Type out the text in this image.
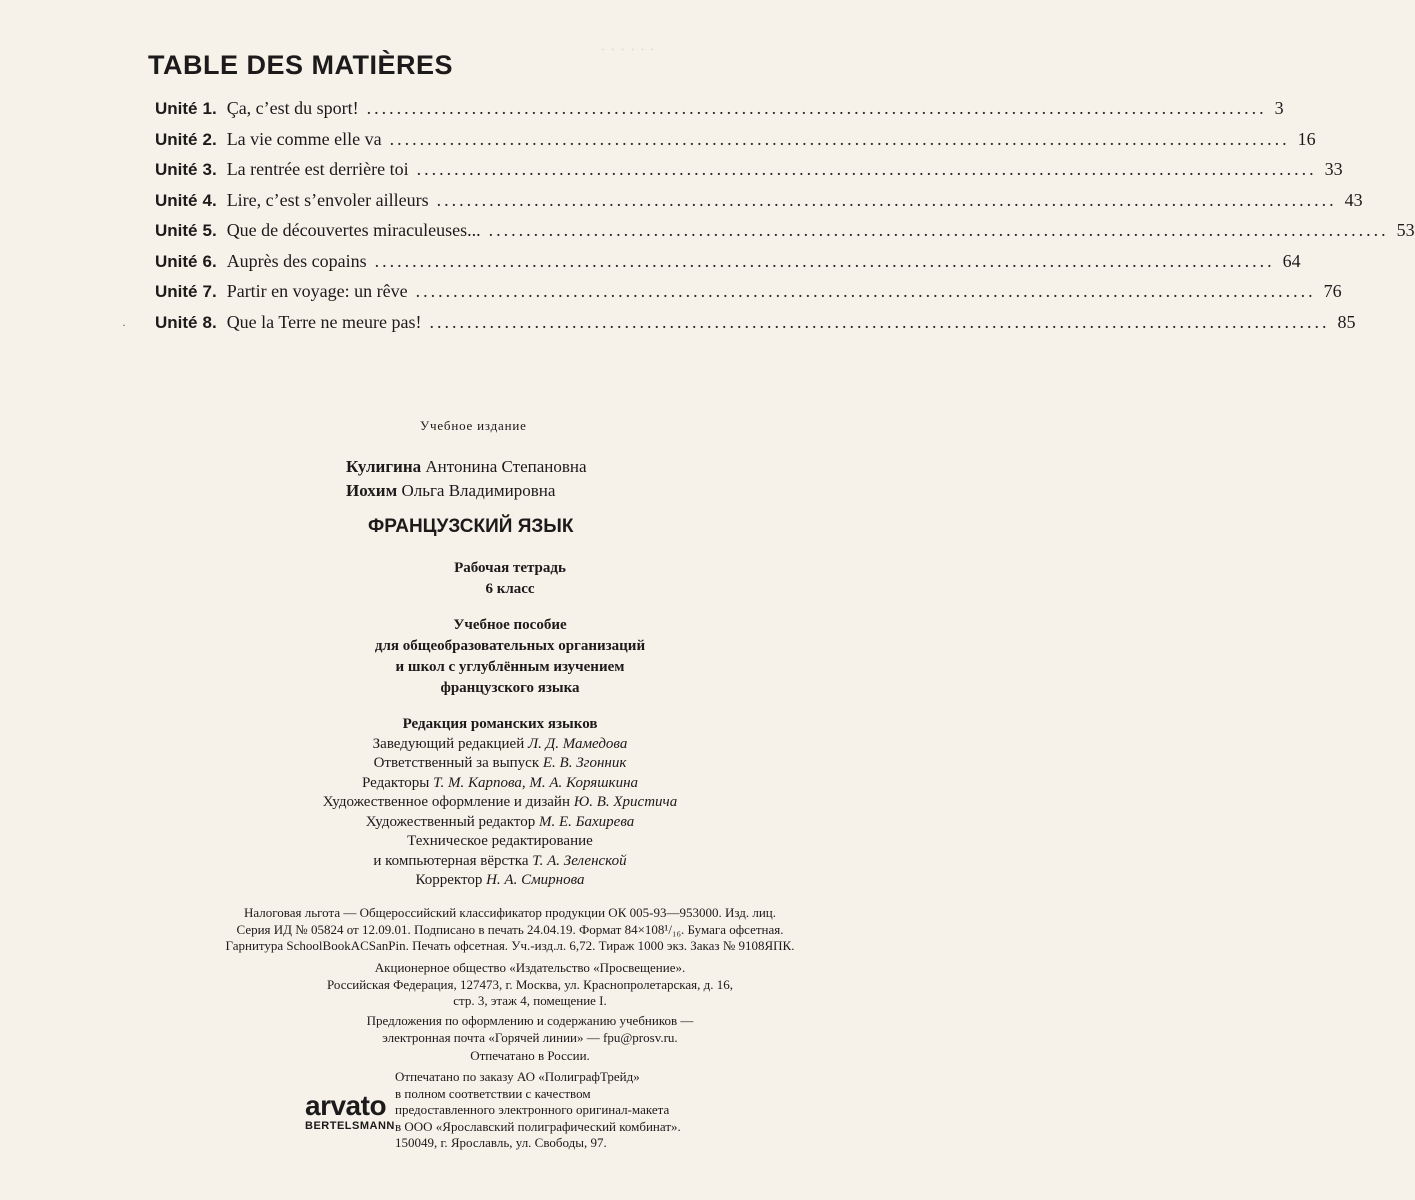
· · · · · ·
TABLE DES MATIÈRES
Unité 1. Ça, c’est du sport! ........................................................................................................................ 3
Unité 2. La vie comme elle va ........................................................................................................................ 16
Unité 3. La rentrée est derrière toi ........................................................................................................................ 33
Unité 4. Lire, c’est s’envoler ailleurs ........................................................................................................................ 43
Unité 5. Que de découvertes miraculeuses... ........................................................................................................................ 53
Unité 6. Auprès des copains ........................................................................................................................ 64
Unité 7. Partir en voyage: un rêve ........................................................................................................................ 76
Unité 8. Que la Terre ne meure pas! ........................................................................................................................ 85
·
Учебное издание
Кулигина Антонина Степановна
Иохим Ольга Владимировна
ФРАНЦУЗСКИЙ ЯЗЫК
Рабочая тетрадь
6 класс
Учебное пособие
для общеобразовательных организаций
и школ с углублённым изучением
французского языка
Редакция романских языков
Заведующий редакцией Л. Д. Мамедова
Ответственный за выпуск Е. В. Згонник
Редакторы Т. М. Карпова, М. А. Коряшкина
Художественное оформление и дизайн Ю. В. Христича
Художественный редактор М. Е. Бахирева
Техническое редактирование
и компьютерная вёрстка Т. А. Зеленской
Корректор Н. А. Смирнова
Налоговая льгота — Общероссийский классификатор продукции ОК 005-93—953000. Изд. лиц.
Серия ИД № 05824 от 12.09.01. Подписано в печать 24.04.19. Формат 84×108¹/₁₆. Бумага офсетная.
Гарнитура SchoolBookACSanPin. Печать офсетная. Уч.-изд.л. 6,72. Тираж 1000 экз. Заказ № 9108ЯПК.
Акционерное общество «Издательство «Просвещение».
Российская Федерация, 127473, г. Москва, ул. Краснопролетарская, д. 16,
стр. 3, этаж 4, помещение I.
Предложения по оформлению и содержанию учебников —
электронная почта «Горячей линии» — fpu@prosv.ru.
Отпечатано в России.
Отпечатано по заказу АО «ПолиграфТрейд»
в полном соответствии с качеством
предоставленного электронного оригинал-макета
в ООО «Ярославский полиграфический комбинат».
150049, г. Ярославль, ул. Свободы, 97.
arvato
BERTELSMANN
